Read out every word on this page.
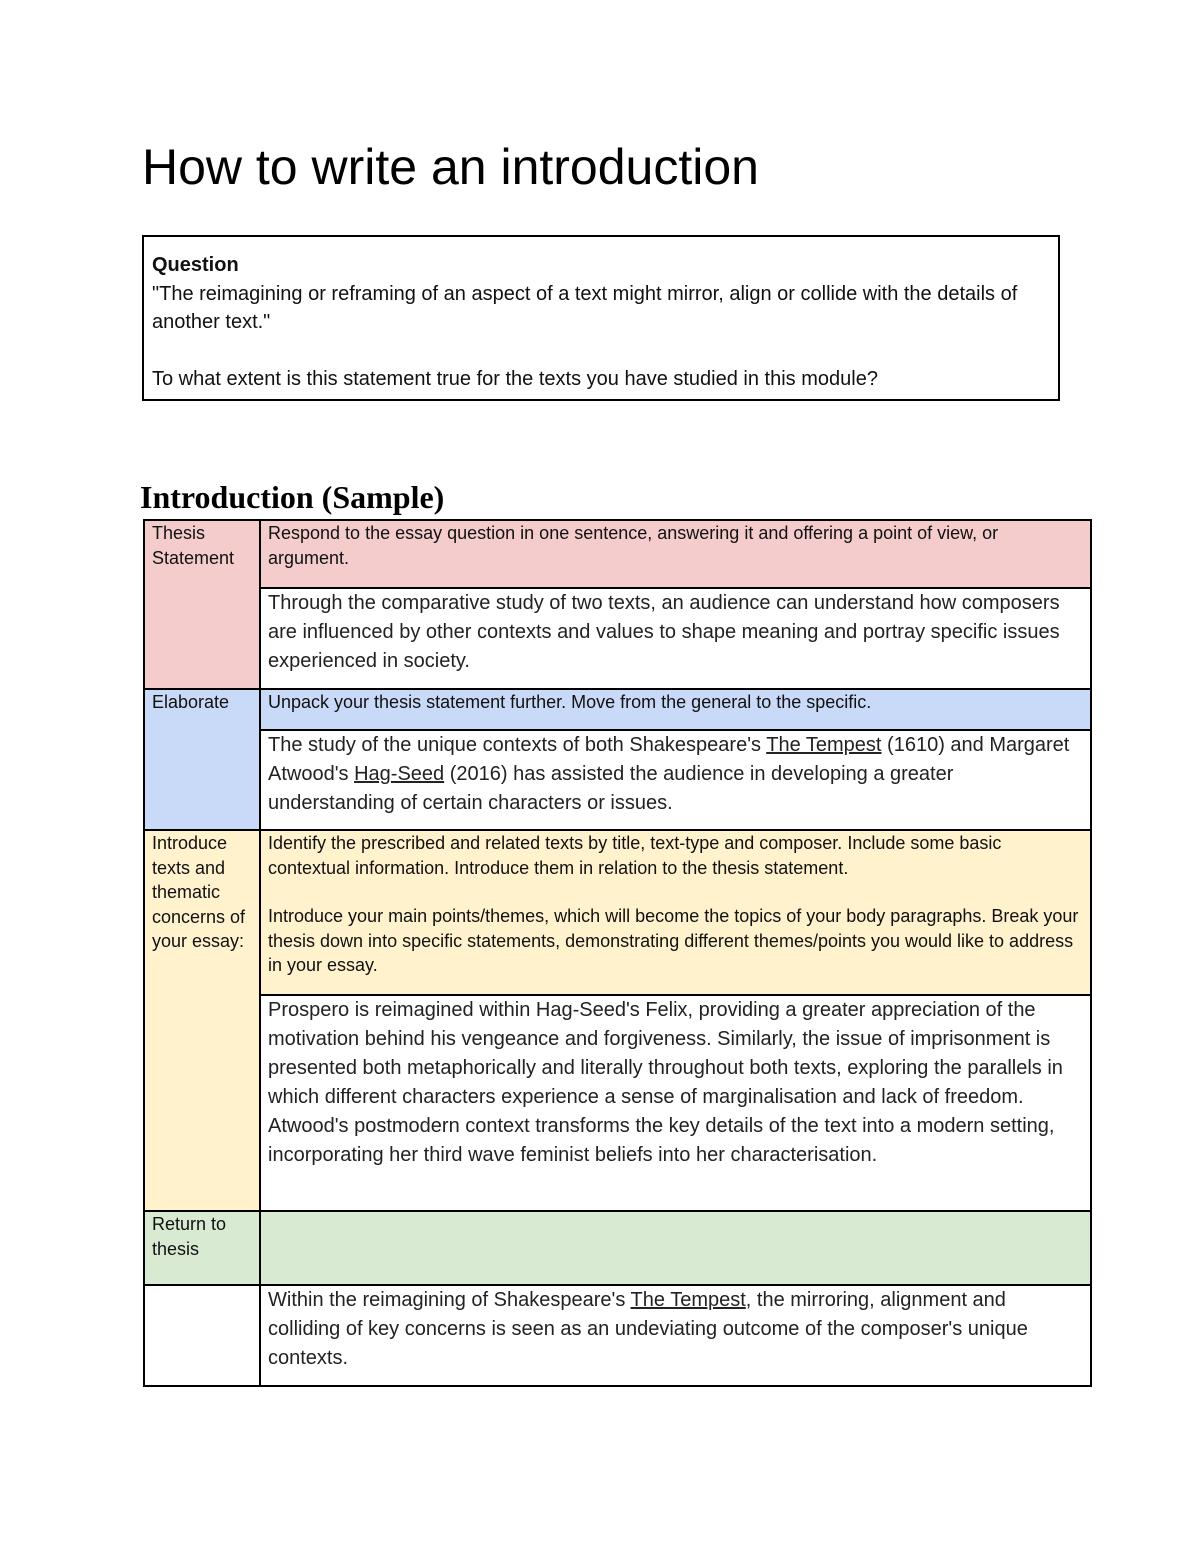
How to write an introduction
Question

"The reimagining or reframing of an aspect of a text might mirror, align or collide with the details of another text."

To what extent is this statement true for the texts you have studied in this module?

Introduction (Sample)
Thesis Statement	Respond to the essay question in one sentence, answering it and offering a point of view, or argument.
	Through the comparative study of two texts, an audience can understand how composers are influenced by other contexts and values to shape meaning and portray specific issues experienced in society.
Elaborate	Unpack your thesis statement further. Move from the general to the specific.
	The study of the unique contexts of both Shakespeare's The Tempest (1610) and Margaret Atwood's Hag-Seed (2016) has assisted the audience in developing a greater understanding of certain characters or issues.
Introduce texts and thematic concerns of your essay:	Identify the prescribed and related texts by title, text-type and composer. Include some basic contextual information. Introduce them in relation to the thesis statement.
Introduce your main points/themes, which will become the topics of your body paragraphs. Break your thesis down into specific statements, demonstrating different themes/points you would like to address in your essay.

	Prospero is reimagined within Hag-Seed's Felix, providing a greater appreciation of the motivation behind his vengeance and forgiveness. Similarly, the issue of imprisonment is presented both metaphorically and literally throughout both texts, exploring the parallels in which different characters experience a sense of marginalisation and lack of freedom. Atwood's postmodern context transforms the key details of the text into a modern setting, incorporating her third wave feminist beliefs into her characterisation.
Return to thesis	
	Within the reimagining of Shakespeare's The Tempest, the mirroring, alignment and colliding of key concerns is seen as an undeviating outcome of the composer's unique contexts.
